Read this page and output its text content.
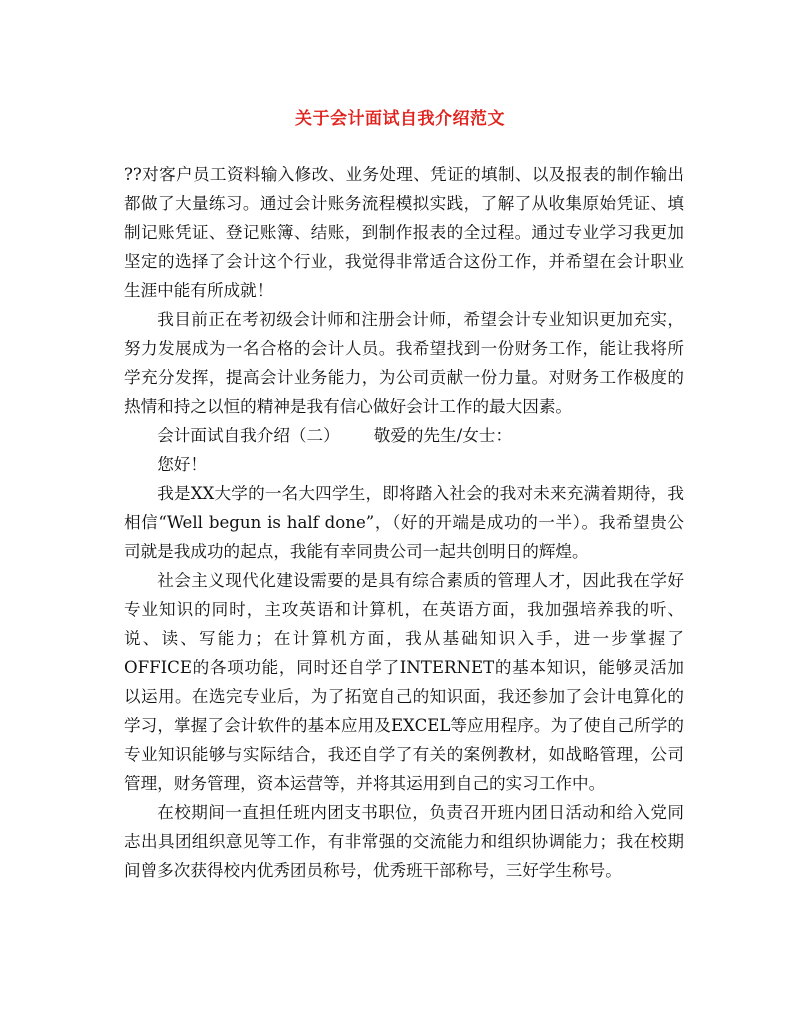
关于会计面试自我介绍范文

??对客户员工资料输入修改、业务处理、凭证的填制、以及报表的制作输出都做了大量练习。通过会计账务流程模拟实践，了解了从收集原始凭证、填制记账凭证、登记账簿、结账，到制作报表的全过程。通过专业学习我更加坚定的选择了会计这个行业，我觉得非常适合这份工作，并希望在会计职业生涯中能有所成就！

我目前正在考初级会计师和注册会计师，希望会计专业知识更加充实，努力发展成为一名合格的会计人员。我希望找到一份财务工作，能让我将所学充分发挥，提高会计业务能力，为公司贡献一份力量。对财务工作极度的热情和持之以恒的精神是我有信心做好会计工作的最大因素。

会计面试自我介绍（二） 敬爱的先生/女士：

您好！

我是XX大学的一名大四学生，即将踏入社会的我对未来充满着期待，我相信“Well begun is half done”，（好的开端是成功的一半）。我希望贵公司就是我成功的起点，我能有幸同贵公司一起共创明日的辉煌。

社会主义现代化建设需要的是具有综合素质的管理人才，因此我在学好专业知识的同时，主攻英语和计算机，在英语方面，我加强培养我的听、说、读、写能力；在计算机方面，我从基础知识入手，进一步掌握了OFFICE的各项功能，同时还自学了INTERNET的基本知识，能够灵活加以运用。在选完专业后，为了拓宽自己的知识面，我还参加了会计电算化的学习，掌握了会计软件的基本应用及EXCEL等应用程序。为了使自己所学的专业知识能够与实际结合，我还自学了有关的案例教材，如战略管理，公司管理，财务管理，资本运营等，并将其运用到自己的实习工作中。

在校期间一直担任班内团支书职位，负责召开班内团日活动和给入党同志出具团组织意见等工作，有非常强的交流能力和组织协调能力；我在校期间曾多次获得校内优秀团员称号，优秀班干部称号，三好学生称号。
